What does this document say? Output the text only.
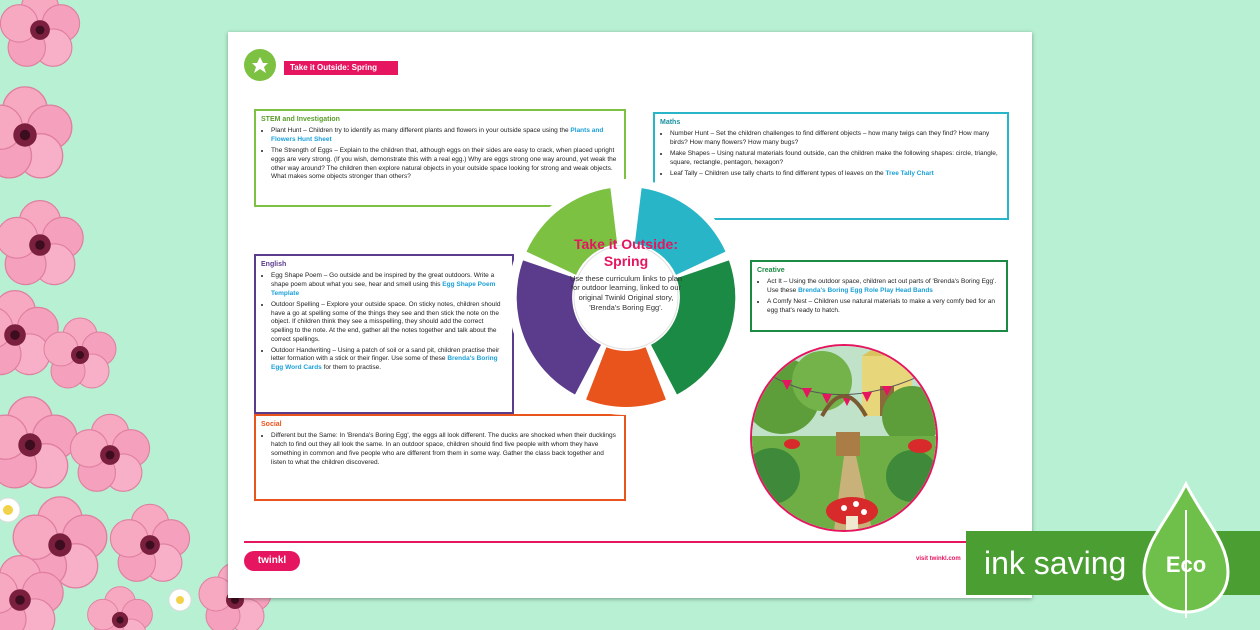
Take it Outside: Spring
STEM and Investigation
• Plant Hunt – Children try to identify as many different plants and flowers in your outside space using the Plants and Flowers Hunt Sheet
• The Strength of Eggs – Explain to the children that, although eggs on their sides are easy to crack, when placed upright eggs are very strong. (If you wish, demonstrate this with a real egg.) Why are eggs strong one way around, yet weak the other way around? The children then explore natural objects in your outside space looking for strong and weak objects. What makes some objects stronger than others?
Maths
• Number Hunt – Set the children challenges to find different objects – how many twigs can they find? How many birds? How many flowers? How many bugs?
• Make Shapes – Using natural materials found outside, can the children make the following shapes: circle, triangle, square, rectangle, pentagon, hexagon?
• Leaf Tally – Children use tally charts to find different types of leaves on the Tree Tally Chart
English
• Egg Shape Poem – Go outside and be inspired by the great outdoors. Write a shape poem about what you see, hear and smell using this Egg Shape Poem Template
• Outdoor Spelling – Explore your outside space. On sticky notes, children should have a go at spelling some of the things they see and then stick the note on the object. If children think they see a misspelling, they should add the correct spelling to the note. At the end, gather all the notes together and talk about the correct spellings.
• Outdoor Handwriting – Using a patch of soil or a sand pit, children practise their letter formation with a stick or their finger. Use some of these Brenda's Boring Egg Word Cards for them to practise.
Creative
• Act It – Using the outdoor space, children act out parts of 'Brenda's Boring Egg'. Use these Brenda's Boring Egg Role Play Head Bands
• A Comfy Nest – Children use natural materials to make a very comfy bed for an egg that's ready to hatch.
Social
• Different but the Same: In 'Brenda's Boring Egg', the eggs all look different. The ducks are shocked when their ducklings hatch to find out they all look the same. In an outdoor space, children should find five people with whom they have something in common and five people who are different from them in some way. Gather the class back together and listen to what the children discovered.
Take it Outside: Spring
Use these curriculum links to plan for outdoor learning, linked to our original Twinkl Original story, 'Brenda's Boring Egg'.
twinkl	visit twinkl.com ink saving Eco
